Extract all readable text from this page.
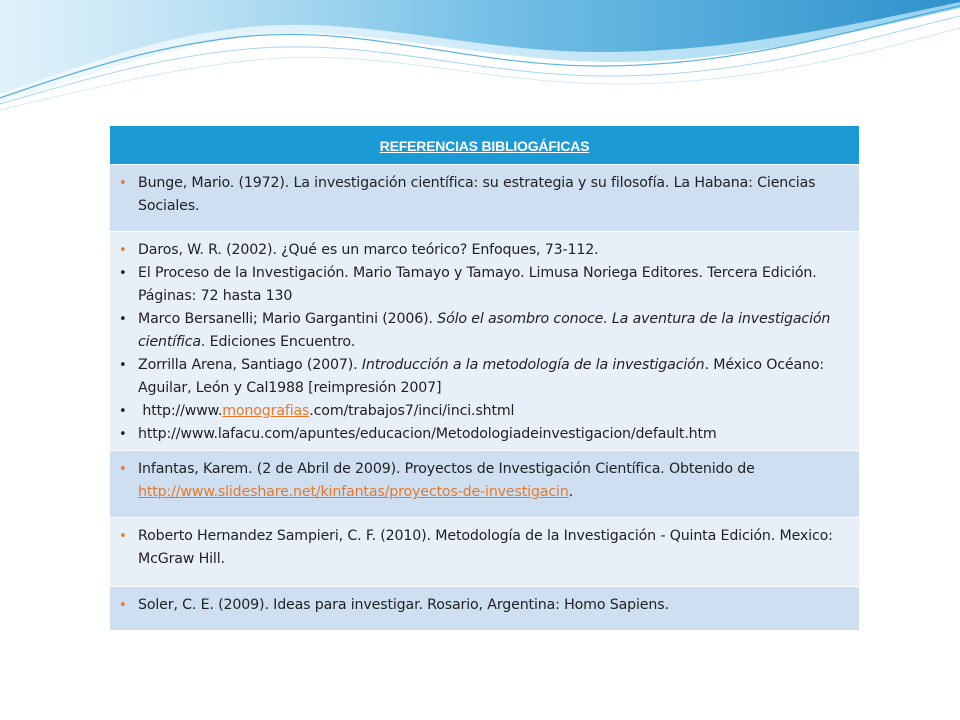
REFERENCIAS BIBLIOGÁFICAS

• Bunge, Mario. (1972). La investigación científica: su estrategia y su filosofía. La Habana: Ciencias Sociales.

• Daros, W. R. (2002). ¿Qué es un marco teórico? Enfoques, 73-112.
• El Proceso de la Investigación. Mario Tamayo y Tamayo. Limusa Noriega Editores. Tercera Edición. Páginas: 72 hasta 130
• Marco Bersanelli; Mario Gargantini (2006). Sólo el asombro conoce. La aventura de la investigación científica. Ediciones Encuentro.
• Zorrilla Arena, Santiago (2007). Introducción a la metodología de la investigación. México Océano: Aguilar, León y Cal1988 [reimpresión 2007]
•  http://www.monografias.com/trabajos7/inci/inci.shtml
• http://www.lafacu.com/apuntes/educacion/Metodologiadeinvestigacion/default.htm

• Infantas, Karem. (2 de Abril de 2009). Proyectos de Investigación Científica. Obtenido de http://www.slideshare.net/kinfantas/proyectos-de-investigacin.

• Roberto Hernandez Sampieri, C. F. (2010). Metodología de la Investigación - Quinta Edición. Mexico: McGraw Hill.

• Soler, C. E. (2009). Ideas para investigar. Rosario, Argentina: Homo Sapiens.
